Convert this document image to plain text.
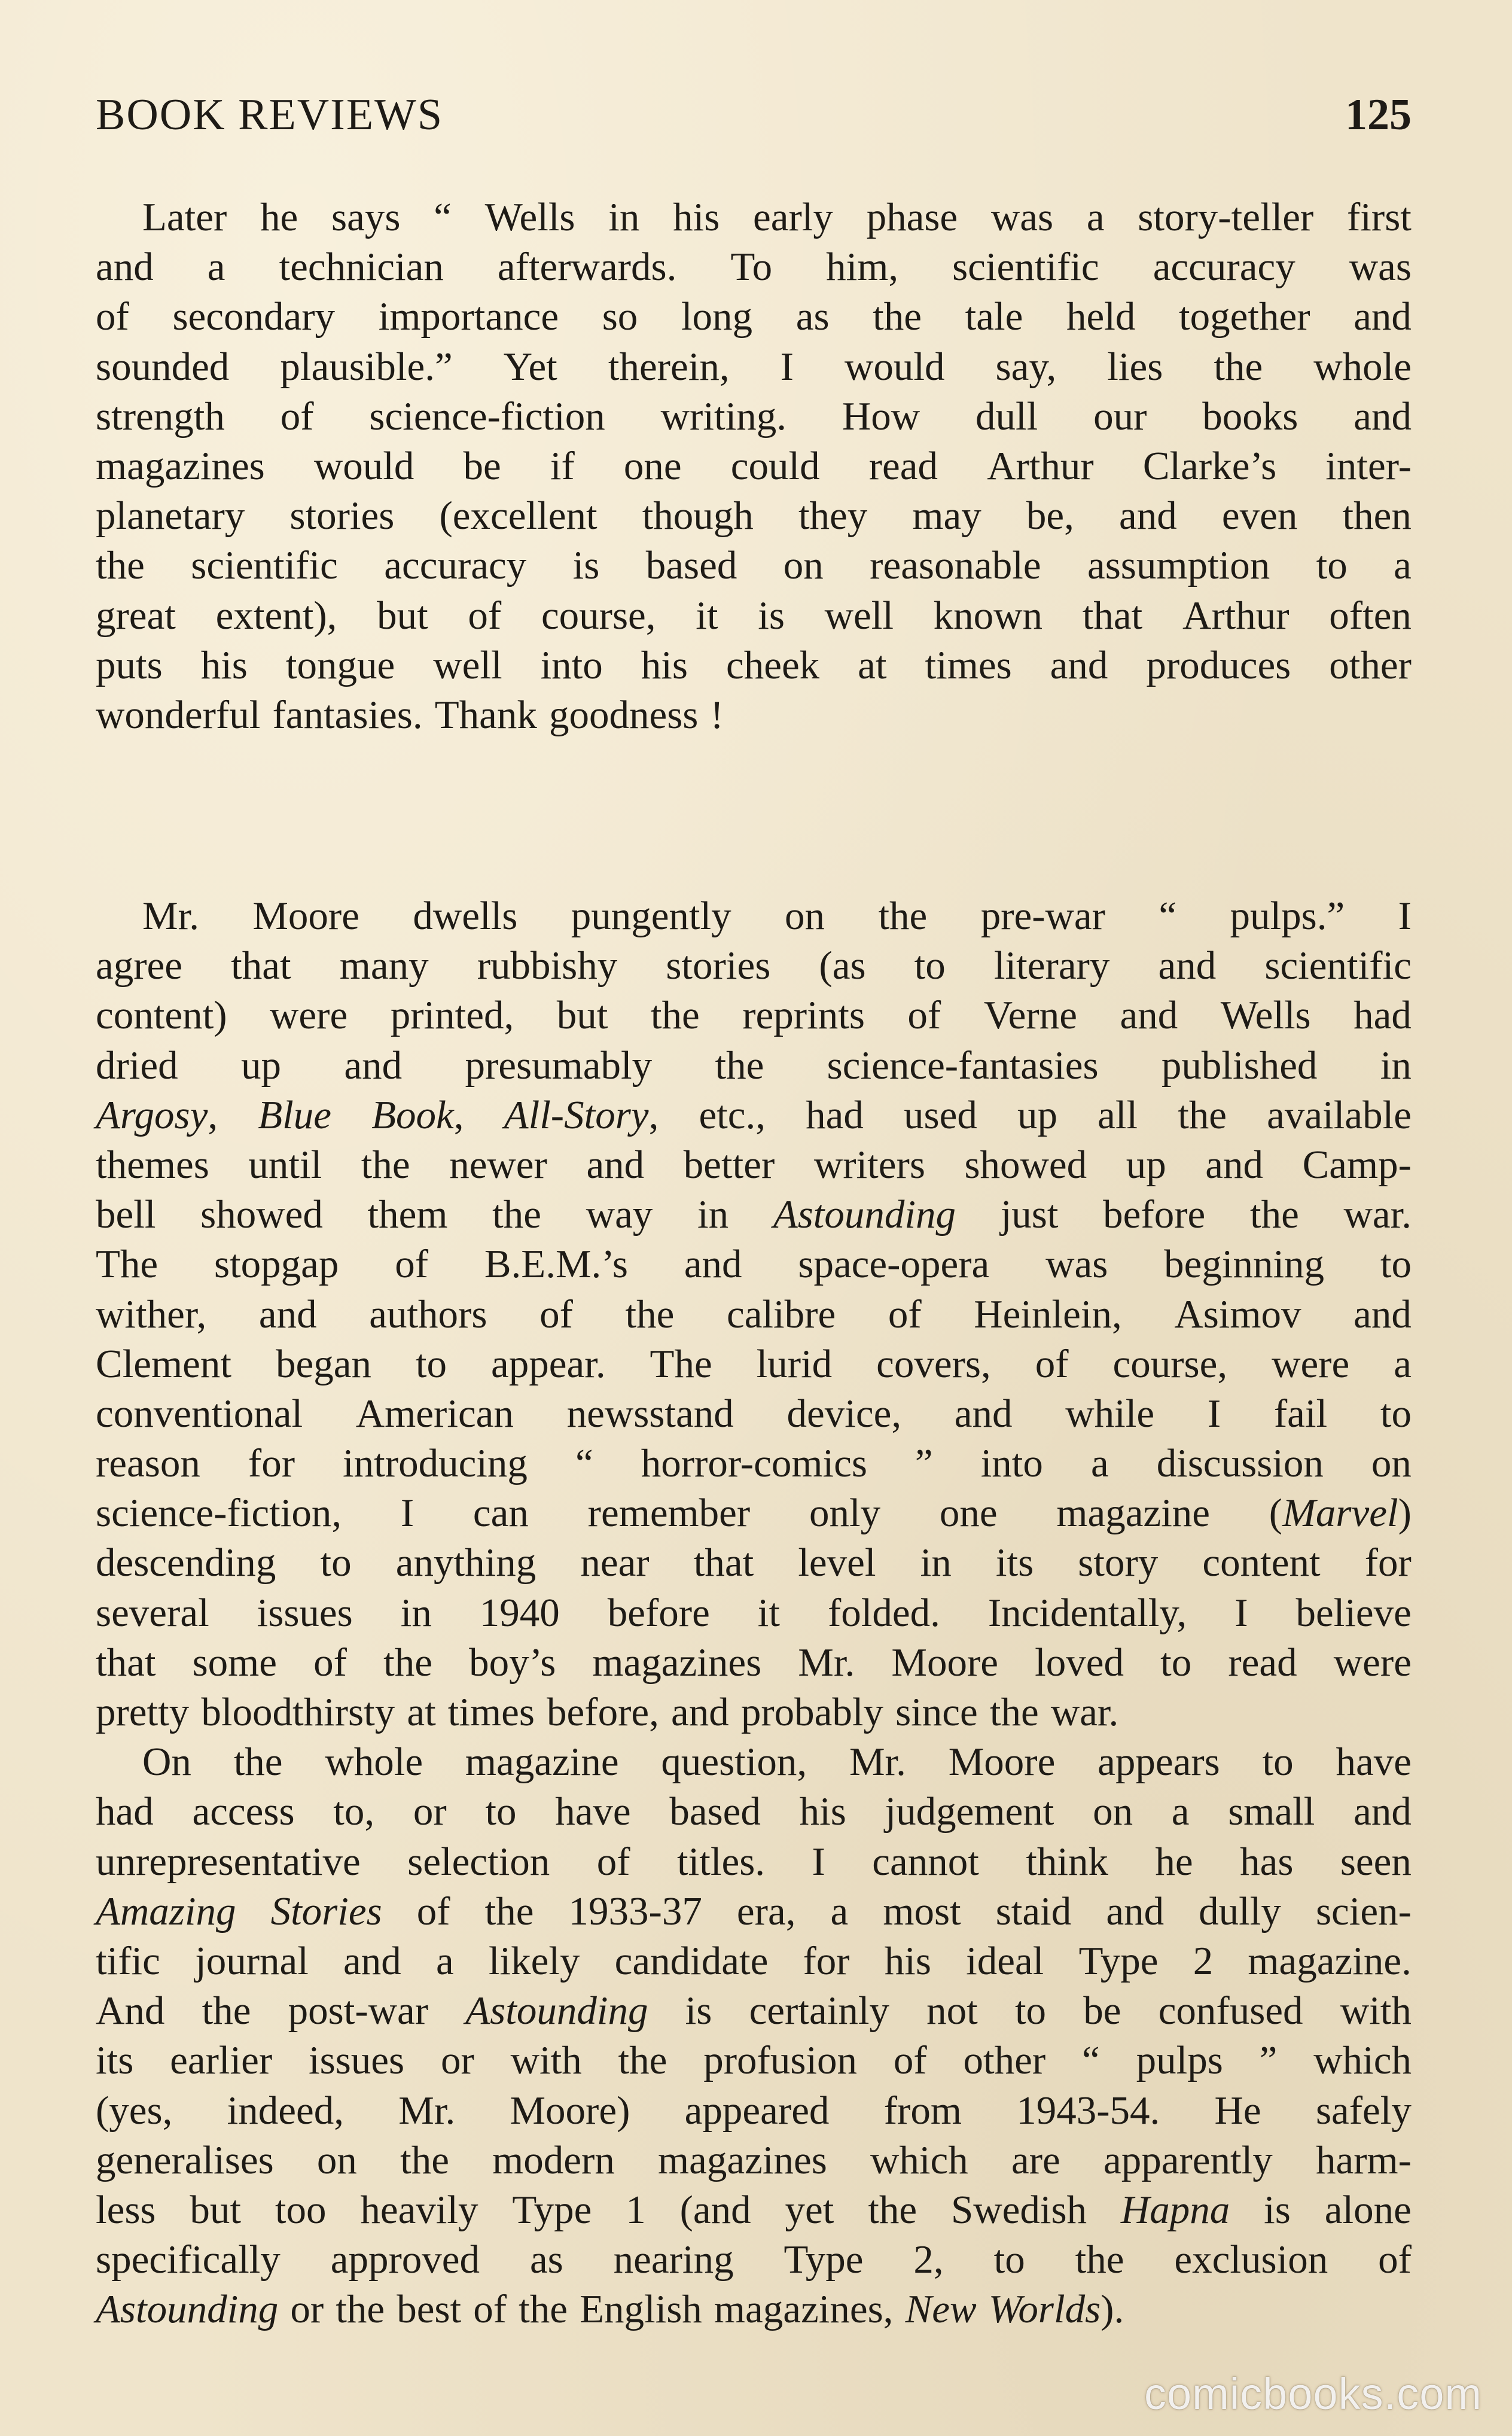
BOOK REVIEWS	125

Later he says “ Wells in his early phase was a story-teller first
and a technician afterwards. To him, scientific accuracy was
of secondary importance so long as the tale held together and
sounded plausible.” Yet therein, I would say, lies the whole
strength of science-fiction writing. How dull our books and
magazines would be if one could read Arthur Clarke’s inter-
planetary stories (excellent though they may be, and even then
the scientific accuracy is based on reasonable assumption to a
great extent), but of course, it is well known that Arthur often
puts his tongue well into his cheek at times and produces other
wonderful fantasies. Thank goodness !

Mr. Moore dwells pungently on the pre-war “ pulps.” I
agree that many rubbishy stories (as to literary and scientific
content) were printed, but the reprints of Verne and Wells had
dried up and presumably the science-fantasies published in
Argosy, Blue Book, All-Story, etc., had used up all the available
themes until the newer and better writers showed up and Camp-
bell showed them the way in Astounding just before the war.
The stopgap of B.E.M.’s and space-opera was beginning to
wither, and authors of the calibre of Heinlein, Asimov and
Clement began to appear. The lurid covers, of course, were a
conventional American newsstand device, and while I fail to
reason for introducing “ horror-comics ” into a discussion on
science-fiction, I can remember only one magazine (Marvel)
descending to anything near that level in its story content for
several issues in 1940 before it folded. Incidentally, I believe
that some of the boy’s magazines Mr. Moore loved to read were
pretty bloodthirsty at times before, and probably since the war.

On the whole magazine question, Mr. Moore appears to have
had access to, or to have based his judgement on a small and
unrepresentative selection of titles. I cannot think he has seen
Amazing Stories of the 1933-37 era, a most staid and dully scien-
tific journal and a likely candidate for his ideal Type 2 magazine.
And the post-war Astounding is certainly not to be confused with
its earlier issues or with the profusion of other “ pulps ” which
(yes, indeed, Mr. Moore) appeared from 1943-54. He safely
generalises on the modern magazines which are apparently harm-
less but too heavily Type 1 (and yet the Swedish Hapna is alone
specifically approved as nearing Type 2, to the exclusion of
Astounding or the best of the English magazines, New Worlds).

comicbooks.com
